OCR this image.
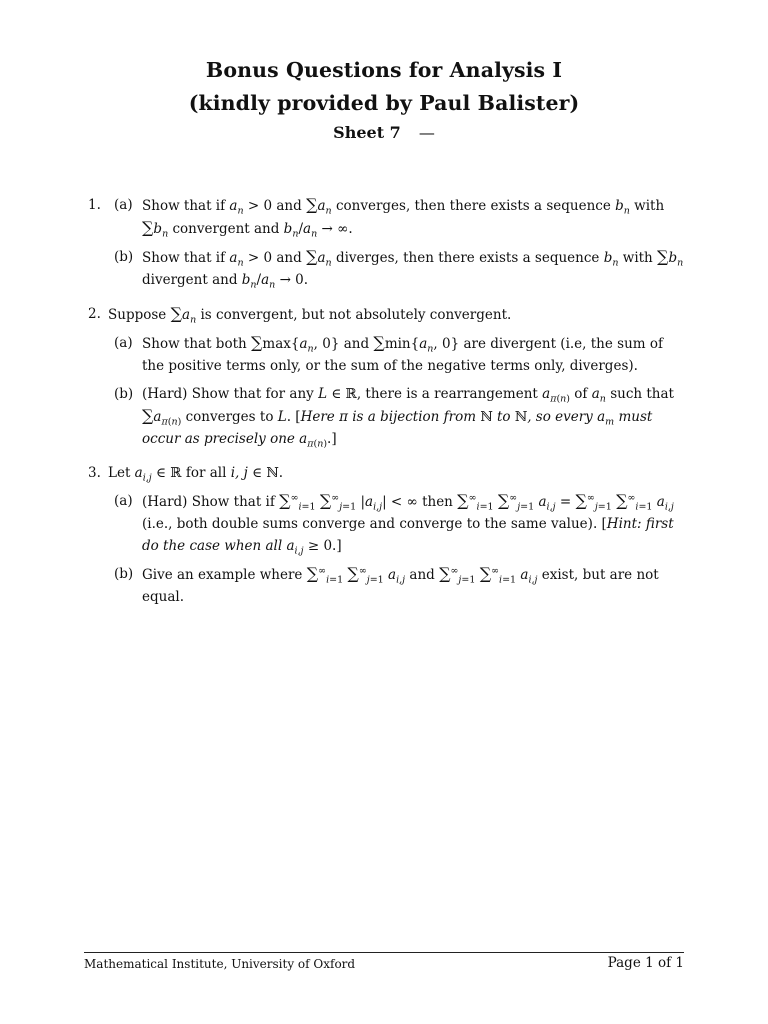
Bonus Questions for Analysis I
(kindly provided by Paul Balister)
Sheet 7 —
1. (a) Show that if $a_n > 0$ and $\sum a_n$ converges, then there exists a sequence $b_n$ with $\sum b_n$ convergent and $b_n/a_n$ → ∞.
(b) Show that if $a_n > 0$ and $\sum a_n$ diverges, then there exists a sequence $b_n$ with $\sum b_n$ divergent and $b_n/a_n \to 0$.
2. Suppose $\sum a_n$ is convergent, but not absolutely convergent.
(a) Show that both $\sum\max\{a_n$, 0} and $\sum\min\{a_n$, 0} are divergent (i.e, the sum of the positive terms only, or the sum of the negative terms only, diverges).
(b) (Hard) Show that for any L ∈ ℝ, there is a rearrangement $a_{\pi(n)}$ of $a_n$ such that $\sum a_{\pi(n)}$ converges to L. [Here π is a bijection from ℕ to ℕ, so every $a_m$ must occur as precisely one $a_{\pi(n)}$.]
3. Let $a_{i,j}$ ∈ ℝ for all i, j ∈ ℕ.
(a) (Hard) Show that if $\sum^\infty_{i=1}$ $\sum^\infty_{j=1}$ $|a_{i,j}|$ < ∞ then $\sum^\infty_{i=1}$ $\sum^\infty_{j=1}$ $a_{i,j} = \sum^\infty_{j=1}$ $\sum^\infty_{i=1}$ $a_{i,j}$ (i.e., both double sums converge and converge to the same value). [Hint: first do the case when all $a_{i,j} \ge 0$.]
(b) Give an example where $\sum^\infty_{i=1}$ $\sum^\infty_{j=1}$ $a_{i,j}$ and $\sum^\infty_{j=1}$ $\sum^\infty_{i=1}$ $a_{i,j}$ exist, but are not equal.
Mathematical Institute, University of Oxford	Page 1 of 1
